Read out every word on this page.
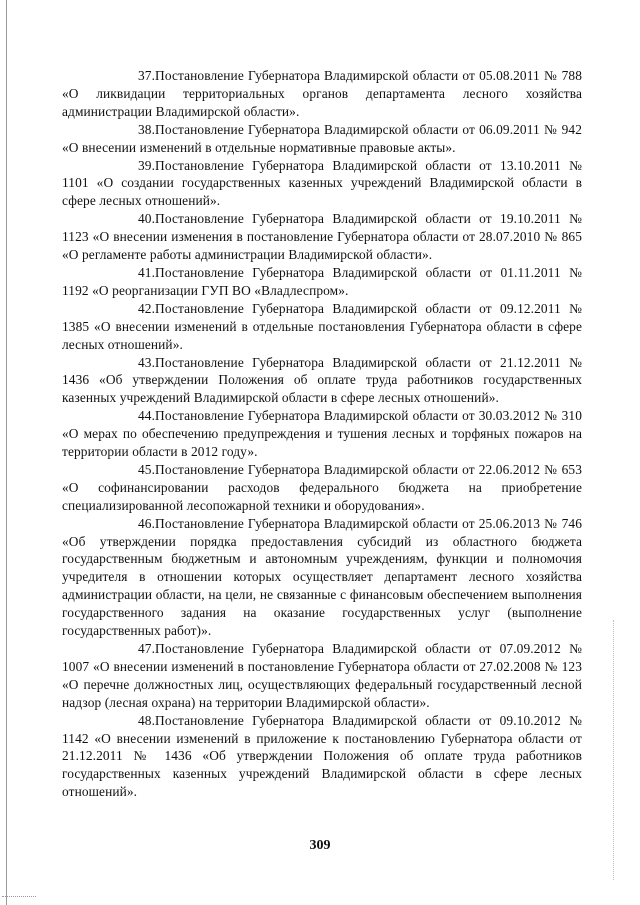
37.Постановление Губернатора Владимирской области от 05.08.2011 № 788 «О ликвидации территориальных органов департамента лесного хозяйства администрации Владимирской области».

38.Постановление Губернатора Владимирской области от 06.09.2011 № 942 «О внесении изменений в отдельные нормативные правовые акты».

39.Постановление Губернатора Владимирской области от 13.10.2011 № 1101 «О создании государственных казенных учреждений Владимирской области в сфере лесных отношений».

40.Постановление Губернатора Владимирской области от 19.10.2011 № 1123 «О внесении изменения в постановление Губернатора области от 28.07.2010 № 865 «О регламенте работы администрации Владимирской области».

41.Постановление Губернатора Владимирской области от 01.11.2011 № 1192 «О реорганизации ГУП ВО «Владлеспром».

42.Постановление Губернатора Владимирской области от 09.12.2011 № 1385 «О внесении изменений в отдельные постановления Губернатора области в сфере лесных отношений».

43.Постановление Губернатора Владимирской области от 21.12.2011 № 1436 «Об утверждении Положения об оплате труда работников государственных казенных учреждений Владимирской области в сфере лесных отношений».

44.Постановление Губернатора Владимирской области от 30.03.2012 № 310 «О мерах по обеспечению предупреждения и тушения лесных и торфяных пожаров на территории области в 2012 году».

45.Постановление Губернатора Владимирской области от 22.06.2012 № 653 «О софинансировании расходов федерального бюджета на приобретение специализированной лесопожарной техники и оборудования».

46.Постановление Губернатора Владимирской области от 25.06.2013 № 746 «Об утверждении порядка предоставления субсидий из областного бюджета государственным бюджетным и автономным учреждениям, функции и полномочия учредителя в отношении которых осуществляет департамент лесного хозяйства администрации области, на цели, не связанные с финансовым обеспечением выполнения государственного задания на оказание государственных услуг (выполнение государственных работ)».

47.Постановление Губернатора Владимирской области от 07.09.2012 № 1007 «О внесении изменений в постановление Губернатора области от 27.02.2008 № 123 «О перечне должностных лиц, осуществляющих федеральный государственный лесной надзор (лесная охрана) на территории Владимирской области».

48.Постановление Губернатора Владимирской области от 09.10.2012 № 1142 «О внесении изменений в приложение к постановлению Губернатора области от 21.12.2011 № 1436 «Об утверждении Положения об оплате труда работников государственных казенных учреждений Владимирской области в сфере лесных отношений».

309
